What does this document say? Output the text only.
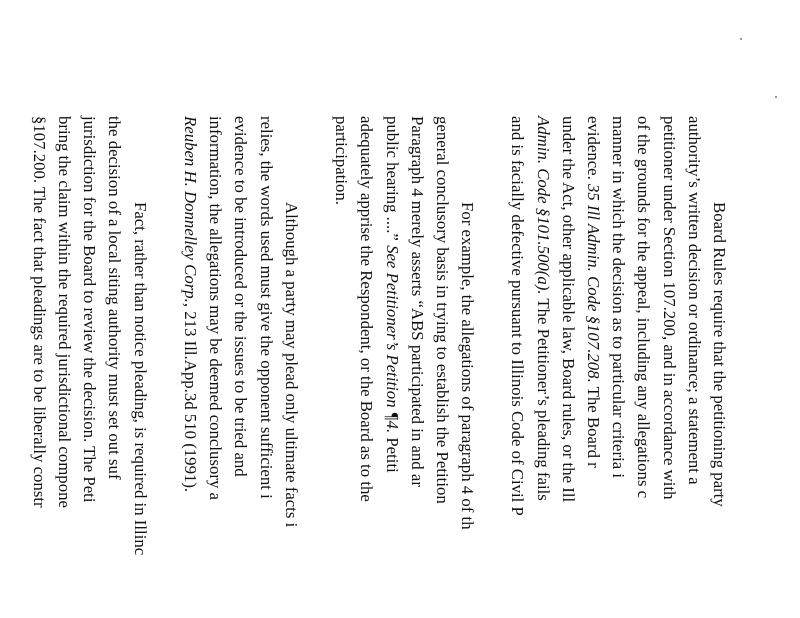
Board Rules require that the petitioning party
authority’s written decision or ordinance; a statement a
petitioner under Section 107.200, and in accordance with
of the grounds for the appeal, including any allegations c
manner in which the decision as to particular criteria i
evidence. 35 Ill Admin. Code §107.208. The Board r
under the Act, other applicable law, Board rules, or the Ill
Admin. Code §101.500(a). The Petitioner’s pleading fails
and is facially defective pursuant to Illinois Code of Civil P
For example, the allegations of paragraph 4 of th
general conclusory basis in trying to establish the Petition
Paragraph 4 merely asserts “ABS participated in and ar
public hearing ....” See Petitioner’s Petition ¶4. Petiti
adequately apprise the Respondent, or the Board as to the
participation.
Although a party may plead only ultimate facts i
relies, the words used must give the opponent sufficient i
evidence to be introduced or the issues to be tried and
information, the allegations may be deemed conclusory a
Reuben H. Donnelley Corp., 213 Ill.App.3d 510 (1991).
Fact, rather than notice pleading, is required in Illinc
the decision of a local siting authority must set out suf
jurisdiction for the Board to review the decision. The Peti
bring the claim within the required jurisdictional compone
§107.200. The fact that pleadings are to be liberally constr
